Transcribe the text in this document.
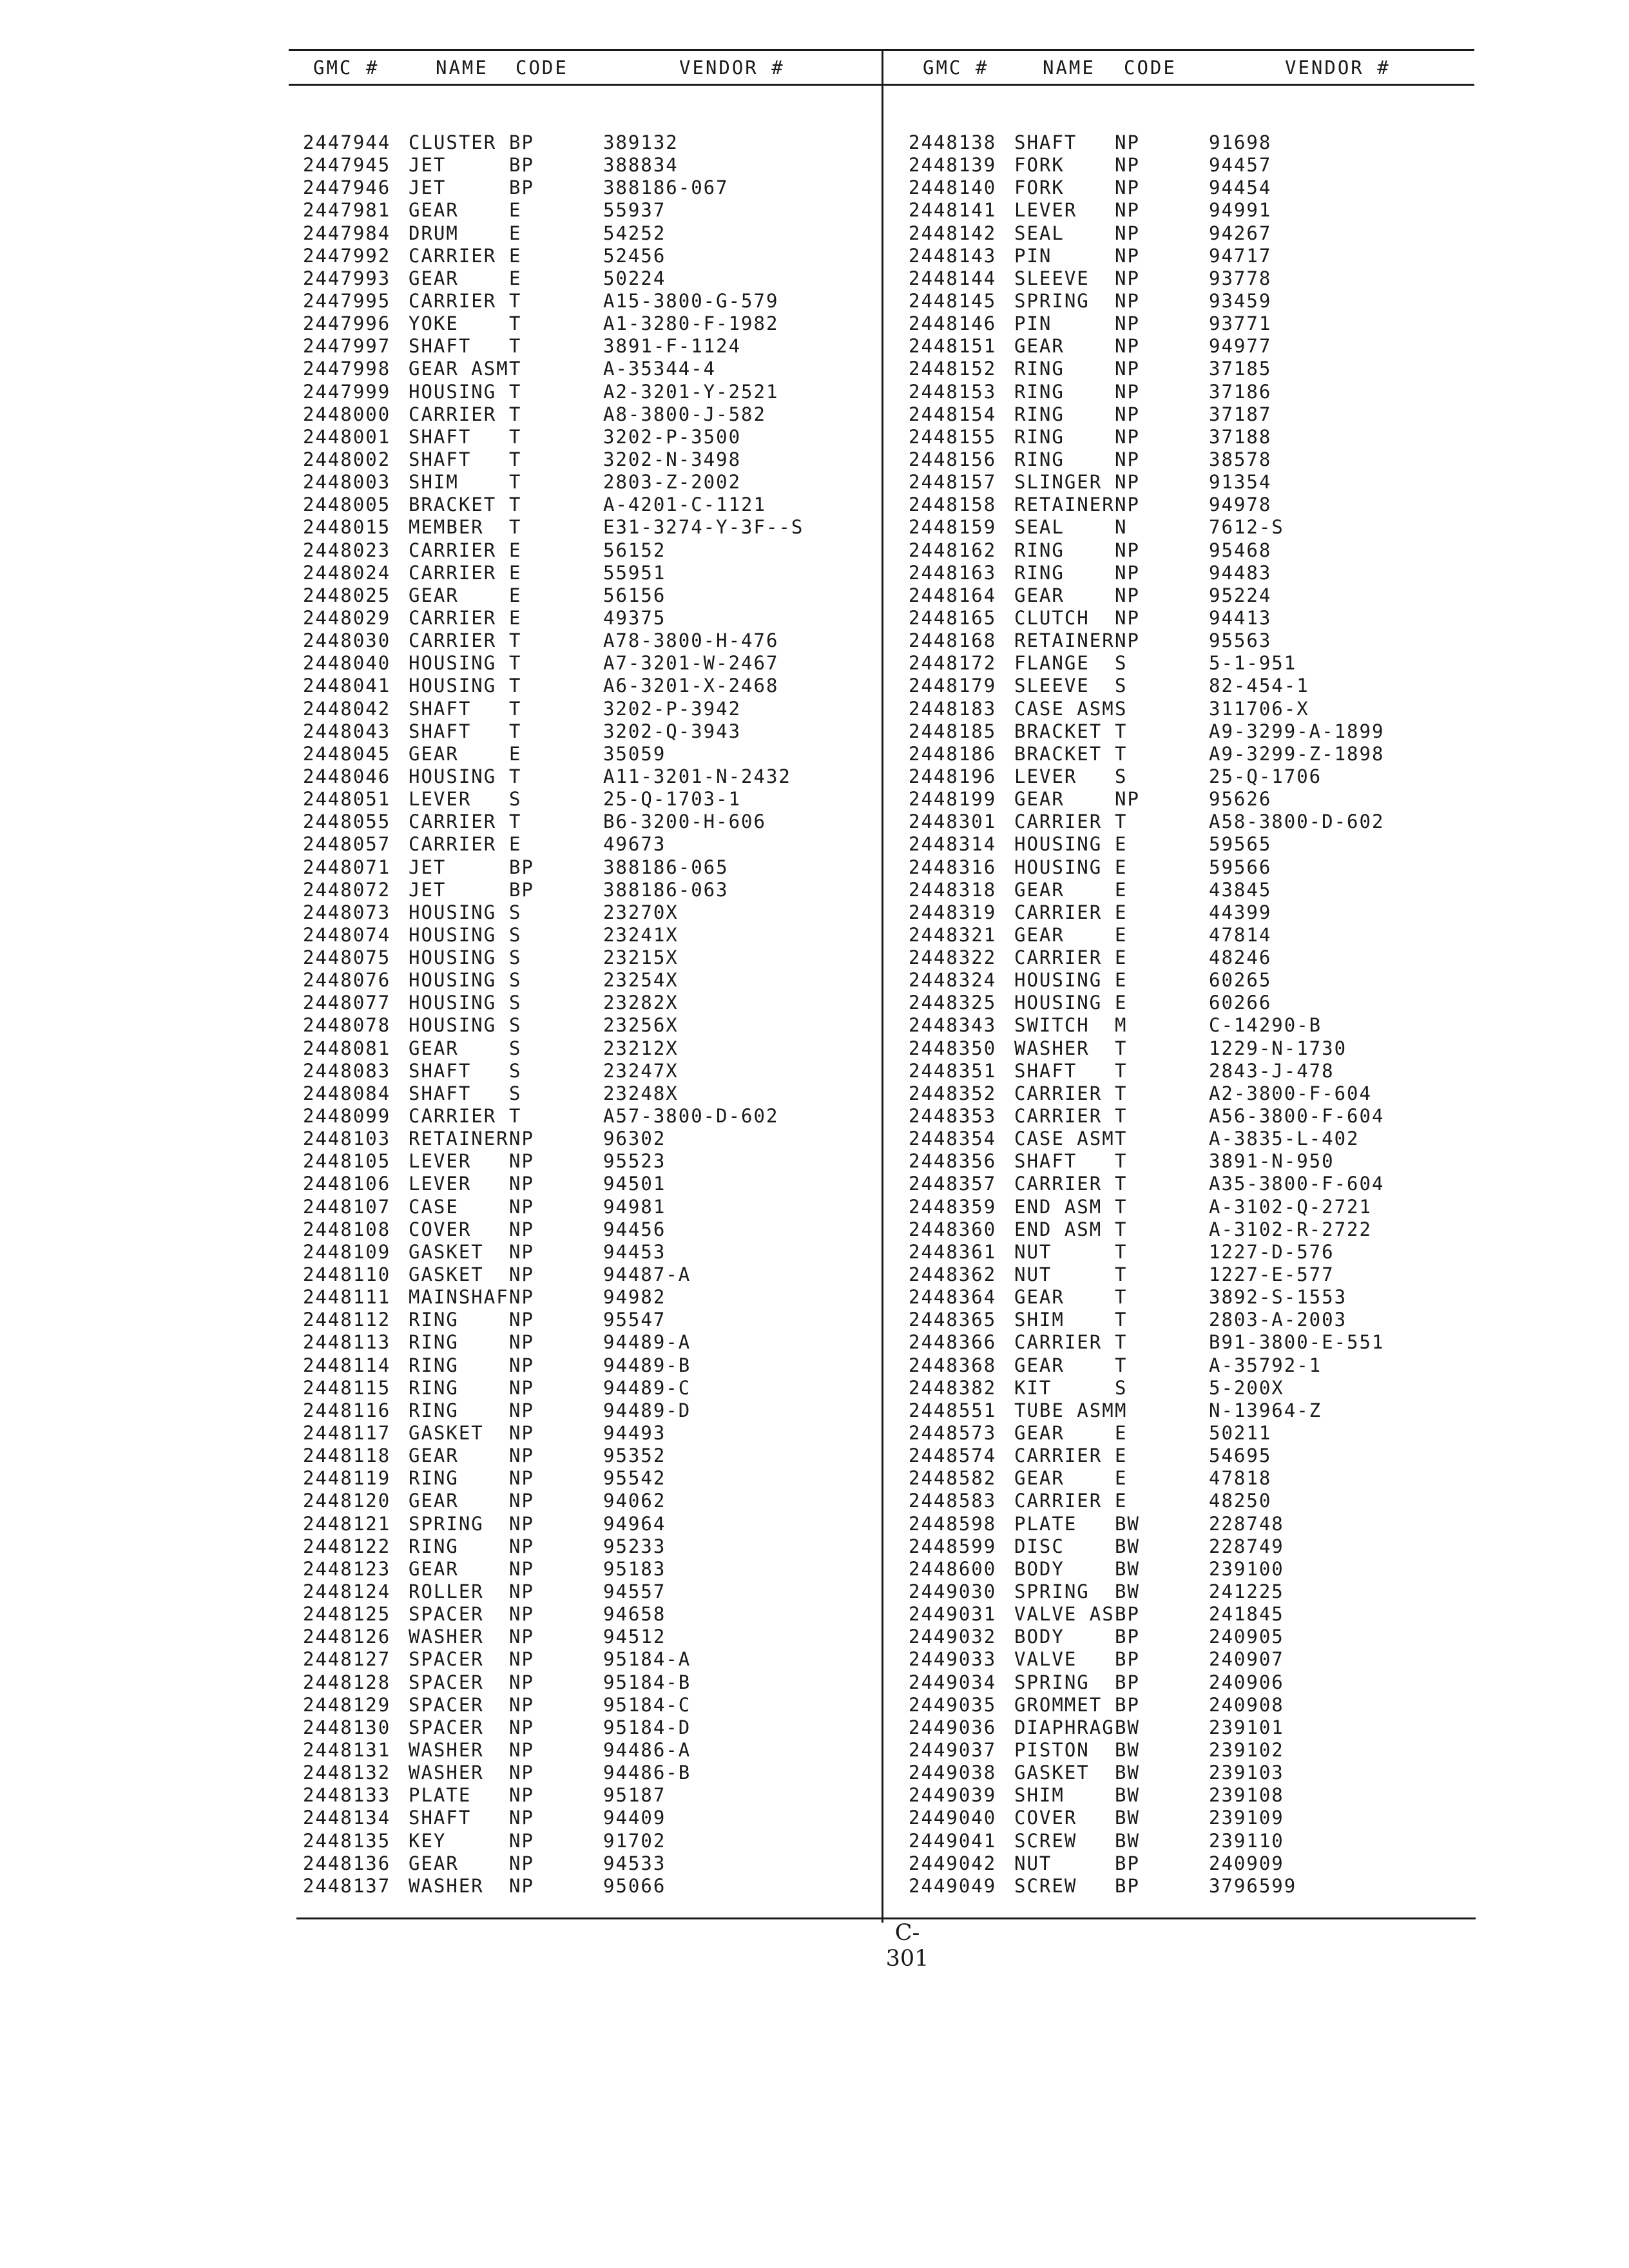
GMC #	NAME CODE	VENDOR #	GMC #	NAME CODE	VENDOR #
2447944 CLUSTER BP	389132
2447945 JET	BP	388834
2447946 JET	BP	388186-067
2447981 GEAR	E	55937
2447984 DRUM	E	54252
2447992 CARRIER E	52456
2447993 GEAR	E	50224
2447995 CARRIER T	A15-3800-G-579
2447996 YOKE	T	A1-3280-F-1982
2447997 SHAFT T	3891-F-1124
2447998 GEAR ASM T	A-35344-4
2447999 HOUSING T	A2-3201-Y-2521
2448000 CARRIER T	A8-3800-J-582
2448001 SHAFT T	3202-P-3500
2448002 SHAFT T	3202-N-3498
2448003 SHIM	T	2803-Z-2002
2448005 BRACKET T	A-4201-C-1121
2448015 MEMBER T	E31-3274-Y-3F--S
2448023 CARRIER E	56152
2448024 CARRIER E	55951
2448025 GEAR	E	56156
2448029 CARRIER E	49375
2448030 CARRIER T	A78-3800-H-476
2448040 HOUSING T	A7-3201-W-2467
2448041 HOUSING T	A6-3201-X-2468
2448042 SHAFT T	3202-P-3942
2448043 SHAFT T	3202-Q-3943
2448045 GEAR	E	35059
2448046 HOUSING T	A11-3201-N-2432
2448051 LEVER S	25-Q-1703-1
2448055 CARRIER T	B6-3200-H-606
2448057 CARRIER E	49673
2448071 JET	BP	388186-065
2448072 JET	BP	388186-063
2448073 HOUSING S	23270X
2448074 HOUSING S	23241X
2448075 HOUSING S	23215X
2448076 HOUSING S	23254X
2448077 HOUSING S	23282X
2448078 HOUSING S	23256X
2448081 GEAR	S	23212X
2448083 SHAFT S	23247X
2448084 SHAFT S	23248X
2448099 CARRIER T	A57-3800-D-602
2448103 RETAINER NP	96302
2448105 LEVER NP	95523
2448106 LEVER NP	94501
2448107 CASE	NP	94981
2448108 COVER NP	94456
2448109 GASKET NP	94453
2448110 GASKET NP	94487-A
2448111 MAINSHAF NP	94982
2448112 RING	NP	95547
2448113 RING	NP	94489-A
2448114 RING	NP	94489-B
2448115 RING	NP	94489-C
2448116 RING	NP	94489-D
2448117 GASKET NP	94493
2448118 GEAR	NP	95352
2448119 RING	NP	95542
2448120 GEAR	NP	94062
2448121 SPRING NP	94964
2448122 RING	NP	95233
2448123 GEAR	NP	95183
2448124 ROLLER NP	94557
2448125 SPACER NP	94658
2448126 WASHER NP	94512
2448127 SPACER NP	95184-A
2448128 SPACER NP	95184-B
2448129 SPACER NP	95184-C
2448130 SPACER NP	95184-D
2448131 WASHER NP	94486-A
2448132 WASHER NP	94486-B
2448133 PLATE NP	95187
2448134 SHAFT NP	94409
2448135 KEY	NP	91702
2448136 GEAR	NP	94533
2448137 WASHER NP	95066
2448138 SHAFT NP	91698
2448139 FORK	NP	94457
2448140 FORK	NP	94454
2448141 LEVER NP	94991
2448142 SEAL	NP	94267
2448143 PIN	NP	94717
2448144 SLEEVE NP	93778
2448145 SPRING NP	93459
2448146 PIN	NP	93771
2448151 GEAR	NP	94977
2448152 RING	NP	37185
2448153 RING	NP	37186
2448154 RING	NP	37187
2448155 RING	NP	37188
2448156 RING	NP	38578
2448157 SLINGER NP	91354
2448158 RETAINER NP	94978
2448159 SEAL	N	7612-S
2448162 RING	NP	95468
2448163 RING	NP	94483
2448164 GEAR	NP	95224
2448165 CLUTCH NP	94413
2448168 RETAINER NP	95563
2448172 FLANGE S	5-1-951
2448179 SLEEVE S	82-454-1
2448183 CASE ASM S	311706-X
2448185 BRACKET T	A9-3299-A-1899
2448186 BRACKET T	A9-3299-Z-1898
2448196 LEVER S	25-Q-1706
2448199 GEAR	NP	95626
2448301 CARRIER T	A58-3800-D-602
2448314 HOUSING E	59565
2448316 HOUSING E	59566
2448318 GEAR	E	43845
2448319 CARRIER E	44399
2448321 GEAR	E	47814
2448322 CARRIER E	48246
2448324 HOUSING E	60265
2448325 HOUSING E	60266
2448343 SWITCH M	C-14290-B
2448350 WASHER T	1229-N-1730
2448351 SHAFT T	2843-J-478
2448352 CARRIER T	A2-3800-F-604
2448353 CARRIER T	A56-3800-F-604
2448354 CASE ASM T	A-3835-L-402
2448356 SHAFT T	3891-N-950
2448357 CARRIER T	A35-3800-F-604
2448359 END ASM T	A-3102-Q-2721
2448360 END ASM T	A-3102-R-2722
2448361 NUT	T	1227-D-576
2448362 NUT	T	1227-E-577
2448364 GEAR	T	3892-S-1553
2448365 SHIM	T	2803-A-2003
2448366 CARRIER T	B91-3800-E-551
2448368 GEAR	T	A-35792-1
2448382 KIT	S	5-200X
2448551 TUBE ASM M	N-13964-Z
2448573 GEAR	E	50211
2448574 CARRIER E	54695
2448582 GEAR	E	47818
2448583 CARRIER E	48250
2448598 PLATE BW	228748
2448599 DISC	BW	228749
2448600 BODY	BW	239100
2449030 SPRING BW	241225
2449031 VALVE AS BP	241845
2449032 BODY	BP	240905
2449033 VALVE BP	240907
2449034 SPRING BP	240906
2449035 GROMMET BP	240908
2449036 DIAPHRAG BW	239101
2449037 PISTON BW	239102
2449038 GASKET BW	239103
2449039 SHIM	BW	239108
2449040 COVER BW	239109
2449041 SCREW BW	239110
2449042 NUT	BP	240909
2449049 SCREW BP	3796599
C-301
